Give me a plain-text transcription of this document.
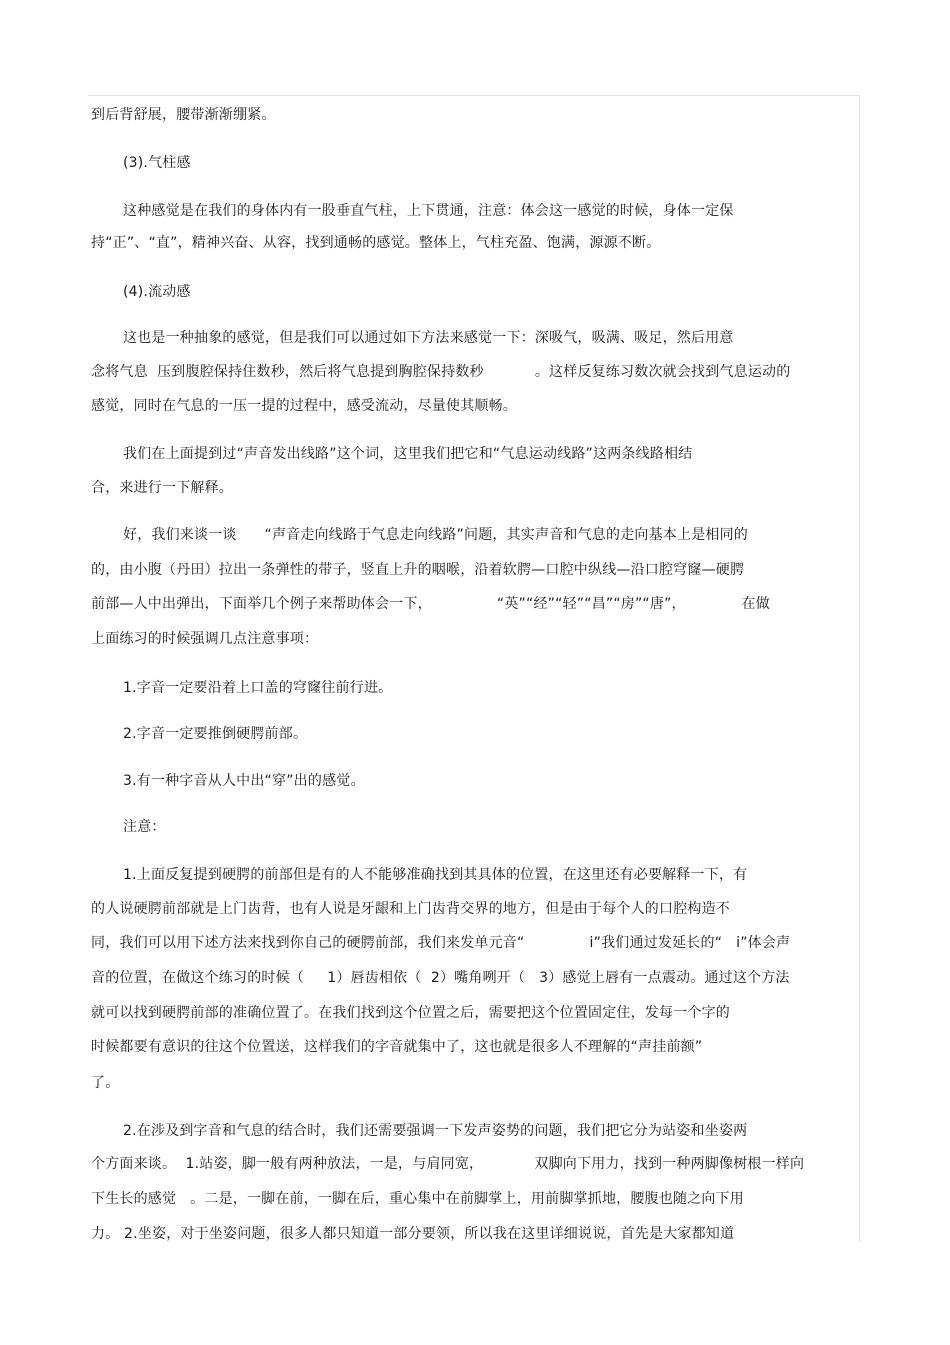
到后背舒展，腰带渐渐绷紧。
(3).气柱感
这种感觉是在我们的身体内有一股垂直气柱，上下贯通，注意：体会这一感觉的时候，身体一定保
持“正”、“直”，精神兴奋、从容，找到通畅的感觉。整体上，气柱充盈、饱满，源源不断。
(4).流动感
这也是一种抽象的感觉，但是我们可以通过如下方法来感觉一下：深吸气，吸满、吸足，然后用意
念将气息  压到腹腔保持住数秒，然后将气息提到胸腔保持数秒           。这样反复练习数次就会找到气息运动的
感觉，同时在气息的一压一提的过程中，感受流动，尽量使其顺畅。
我们在上面提到过“声音发出线路”这个词，这里我们把它和“气息运动线路”这两条线路相结
合，来进行一下解释。
好，我们来谈一谈      “声音走向线路于气息走向线路”问题，其实声音和气息的走向基本上是相同的
的，由小腹（丹田）拉出一条弹性的带子，竖直上升的咽喉，沿着软腭—口腔中纵线—沿口腔穹窿—硬腭
前部—人中出弹出，下面举几个例子来帮助体会一下，              “英”“经”“轻”“昌”“房”“唐”，            在做
上面练习的时候强调几点注意事项：
1.字音一定要沿着上口盖的穹窿往前行进。
2.字音一定要推倒硬腭前部。
3.有一种字音从人中出“穿”出的感觉。
注意：
1.上面反复提到硬腭的前部但是有的人不能够准确找到其具体的位置，在这里还有必要解释一下，有
的人说硬腭前部就是上门齿背，也有人说是牙龈和上门齿背交界的地方，但是由于每个人的口腔构造不
同，我们可以用下述方法来找到你自己的硬腭前部，我们来发单元音“              i”我们通过发延长的“   i”体会声
音的位置，在做这个练习的时候（     1）唇齿相依（  2）嘴角咧开（   3）感觉上唇有一点震动。通过这个方法
就可以找到硬腭前部的准确位置了。在我们找到这个位置之后，需要把这个位置固定住，发每一个字的
时候都要有意识的往这个位置送，这样我们的字音就集中了，这也就是很多人不理解的“声挂前额”
了。
2.在涉及到字音和气息的结合时，我们还需要强调一下发声姿势的问题，我们把它分为站姿和坐姿两
个方面来谈。  1.站姿，脚一般有两种放法，一是，与肩同宽，           双脚向下用力，找到一种两脚像树根一样向
下生长的感觉   。二是，一脚在前，一脚在后，重心集中在前脚掌上，用前脚掌抓地，腰腹也随之向下用
力。 2.坐姿，对于坐姿问题，很多人都只知道一部分要领，所以我在这里详细说说，首先是大家都知道
